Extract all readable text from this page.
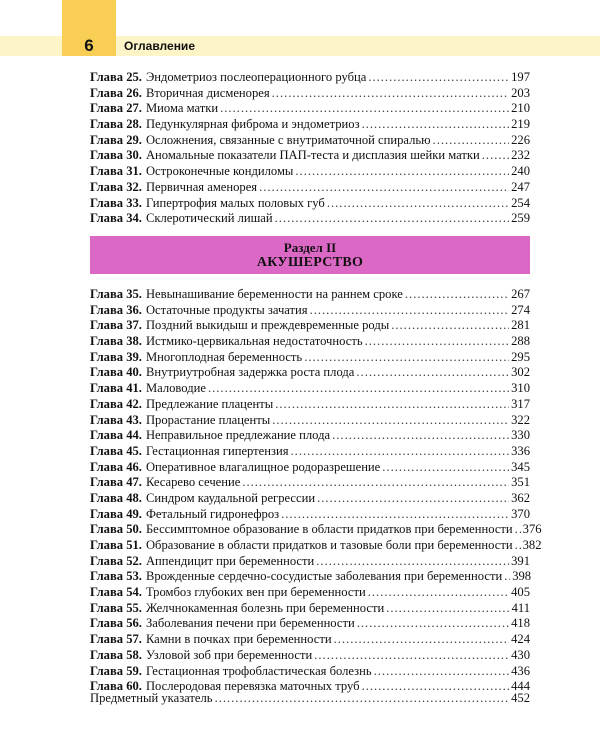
6	Оглавление
Глава 25. Эндометриоз послеоперационного рубца .....	197
Глава 26. Вторичная дисменорея .....	203
Глава 27. Миома матки .....	210
Глава 28. Педункулярная фиброма и эндометриоз .....	219
Глава 29. Осложнения, связанные с внутриматочной спиралью .....	226
Глава 30. Аномальные показатели ПАП-теста и дисплазия шейки матки ..... 232
Глава 31. Остроконечные кондиломы .....	240
Глава 32. Первичная аменорея .....	247
Глава 33. Гипертрофия малых половых губ .....	254
Глава 34. Склеротический лишай .....	259
Раздел II
АКУШЕРСТВО
Глава 35. Невынашивание беременности на раннем сроке .....	267
Глава 36. Остаточные продукты зачатия .....	274
Глава 37. Поздний выкидыш и преждевременные роды .....	281
Глава 38. Истмико-цервикальная недостаточность .....	288
Глава 39. Многоплодная беременность .....	295
Глава 40. Внутриутробная задержка роста плода .....	302
Глава 41. Маловодие .....	310
Глава 42. Предлежание плаценты .....	317
Глава 43. Прорастание плаценты .....	322
Глава 44. Неправильное предлежание плода .....	330
Глава 45. Гестационная гипертензия .....	336
Глава 46. Оперативное влагалищное родоразрешение .....	345
Глава 47. Кесарево сечение .....	351
Глава 48. Синдром каудальной регрессии .....	362
Глава 49. Фетальный гидронефроз .....	370
Глава 50. Бессимптомное образование в области придатков при беременности ..... 376
Глава 51. Образование в области придатков и тазовые боли при беременности ..... 382
Глава 52. Аппендицит при беременности .....	391
Глава 53. Врожденные сердечно-сосудистые заболевания при беременности ..... 398
Глава 54. Тромбоз глубоких вен при беременности .....	405
Глава 55. Желчнокаменная болезнь при беременности .....	411
Глава 56. Заболевания печени при беременности .....	418
Глава 57. Камни в почках при беременности .....	424
Глава 58. Узловой зоб при беременности .....	430
Глава 59. Гестационная трофобластическая болезнь .....	436
Глава 60. Послеродовая перевязка маточных труб .....	444
Предметный указатель .....	452
